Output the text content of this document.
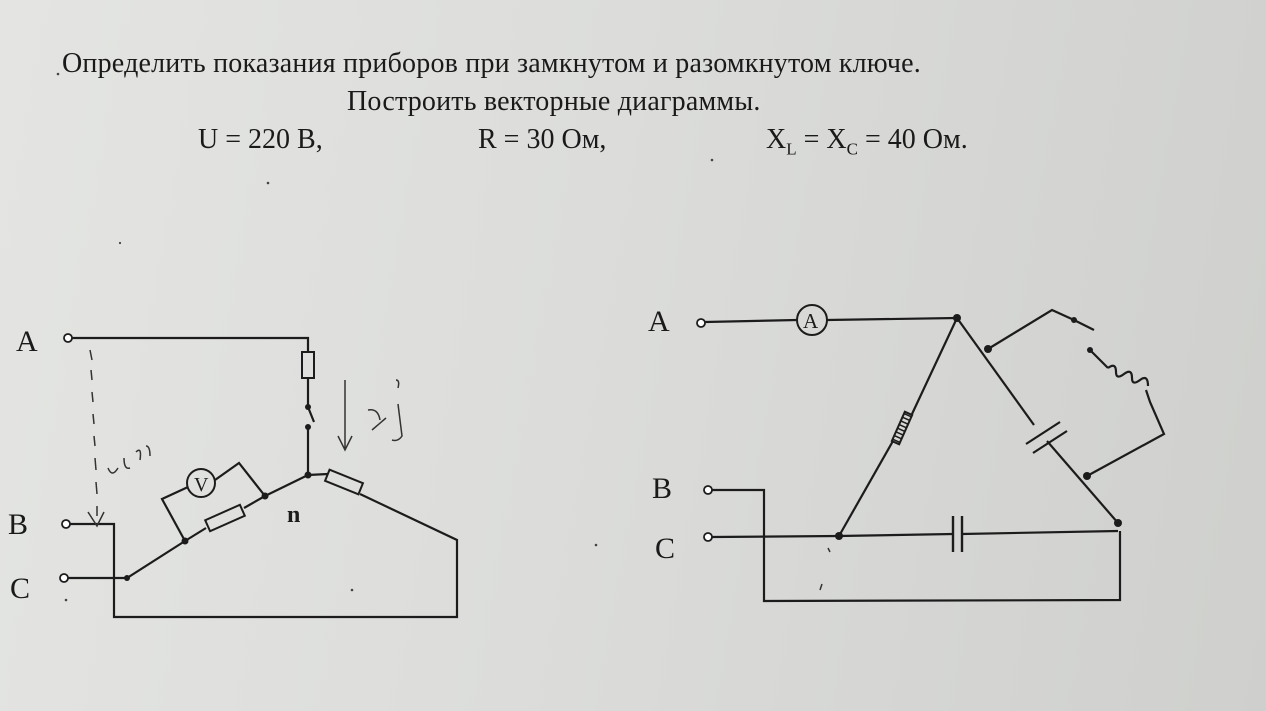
Определить показания приборов при замкнутом и разомкнутом ключе.
Построить векторные диаграммы.
U = 220 В,	R = 30 Ом,	$X_L = X_C = 40$ Ом.
A
B
C
A
B
C
V
n
A
